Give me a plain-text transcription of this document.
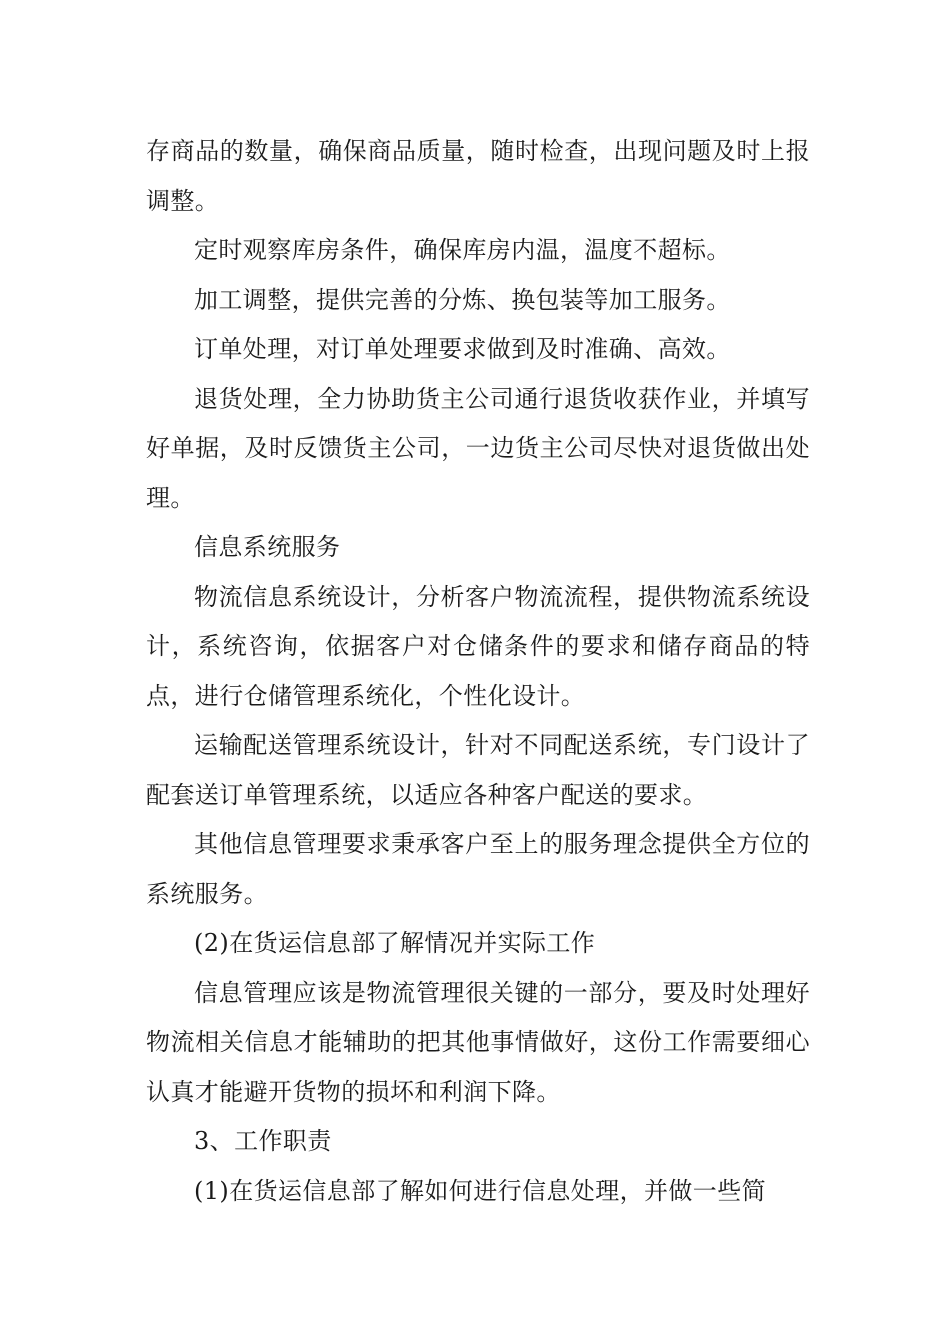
存商品的数量，确保商品质量，随时检查，出现问题及时上报调整。

定时观察库房条件，确保库房内温，温度不超标。

加工调整，提供完善的分炼、换包装等加工服务。

订单处理，对订单处理要求做到及时准确、高效。

退货处理，全力协助货主公司通行退货收获作业，并填写好单据，及时反馈货主公司，一边货主公司尽快对退货做出处理。

信息系统服务

物流信息系统设计，分析客户物流流程，提供物流系统设计，系统咨询，依据客户对仓储条件的要求和储存商品的特点，进行仓储管理系统化，个性化设计。

运输配送管理系统设计，针对不同配送系统，专门设计了配套送订单管理系统，以适应各种客户配送的要求。

其他信息管理要求秉承客户至上的服务理念提供全方位的系统服务。

(2)在货运信息部了解情况并实际工作

信息管理应该是物流管理很关键的一部分，要及时处理好物流相关信息才能辅助的把其他事情做好，这份工作需要细心认真才能避开货物的损坏和利润下降。

3、工作职责

(1)在货运信息部了解如何进行信息处理，并做一些简
